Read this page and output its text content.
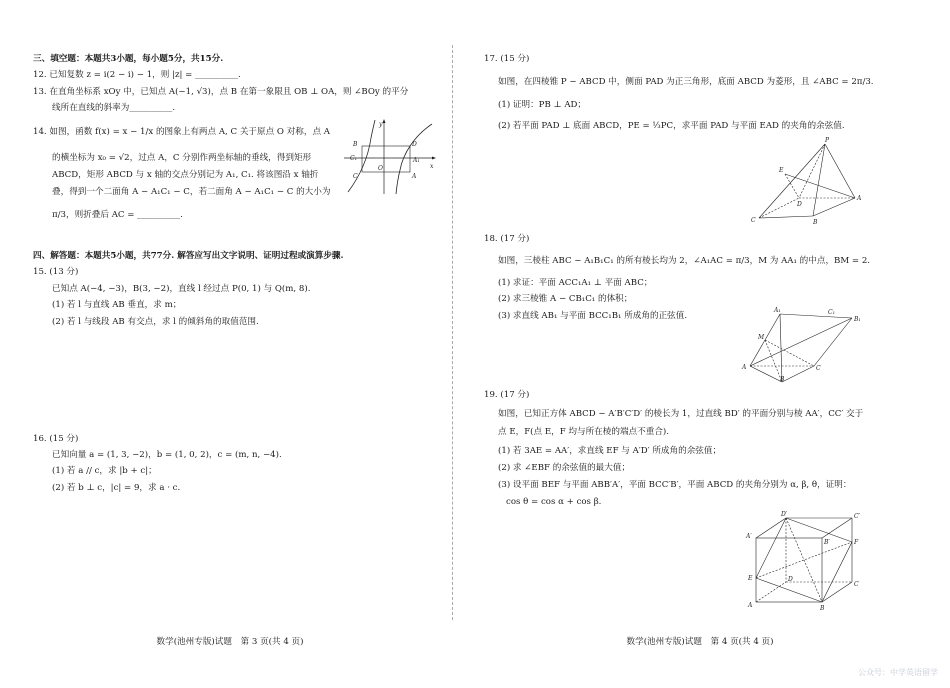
三、填空题：本题共3小题，每小题5分，共15分.
12. 已知复数 z = i(2 − i) − 1，则 |z| = __________.
13. 在直角坐标系 xOy 中，已知点 A(−1, √3)，点 B 在第一象限且 OB ⊥ OA，则 ∠BOy 的平分
线所在直线的斜率为__________.
14. 如图，函数 f(x) = x − 1/x 的图象上有两点 A, C 关于原点 O 对称，点 A
的横坐标为 x₀ = √2，过点 A，C 分别作两坐标轴的垂线，得到矩形
ABCD，矩形 ABCD 与 x 轴的交点分别记为 A₁, C₁. 将该图沿 x 轴折
叠，得到一个二面角 A − A₁C₁ − C，若二面角 A − A₁C₁ − C 的大小为
π/3，则折叠后 AC = __________.
y
B	D
C₁
O
A₁
x
C	A
四、解答题：本题共5小题，共77分. 解答应写出文字说明、证明过程或演算步骤.
15. (13 分)
已知点 A(−4, −3)，B(3, −2)，直线 l 经过点 P(0, 1) 与 Q(m, 8).
(1) 若 l 与直线 AB 垂直，求 m；
(2) 若 l 与线段 AB 有交点，求 l 的倾斜角的取值范围.
16. (15 分)
已知向量 a = (1, 3, −2)，b = (1, 0, 2)，c = (m, n, −4).
(1) 若 a // c，求 |b + c|；
(2) 若 b ⊥ c，|c| = 9，求 a · c.
数学(池州专版)试题　第 3 页(共 4 页)
17. (15 分)
如图，在四棱锥 P − ABCD 中，侧面 PAD 为正三角形，底面 ABCD 为菱形，且 ∠ABC = 2π/3.
(1) 证明：PB ⊥ AD；
(2) 若平面 PAD ⊥ 底面 ABCD，PE = ⅓PC，求平面 PAD 与平面 EAD 的夹角的余弦值.
P
E
D
A
C	B
18. (17 分)
如图，三棱柱 ABC − A₁B₁C₁ 的所有棱长均为 2，∠A₁AC = π/3，M 为 AA₁ 的中点，BM = 2.
(1) 求证：平面 ACC₁A₁ ⊥ 平面 ABC；
(2) 求三棱锥 A − CB₁C₁ 的体积；
(3) 求直线 AB₁ 与平面 BCC₁B₁ 所成角的正弦值.
A₁
B₁
C₁
M
A
B
C
19. (17 分)
如图，已知正方体 ABCD − A′B′C′D′ 的棱长为 1，过直线 BD′ 的平面分别与棱 AA′，CC′ 交于
点 E，F(点 E，F 均与所在棱的端点不重合).
(1) 若 3AE = AA′，求直线 EF 与 A′D′ 所成角的余弦值；
(2) 求 ∠EBF 的余弦值的最大值；
(3) 设平面 BEF 与平面 ABB′A′，平面 BCC′B′，平面 ABCD 的夹角分别为 α, β, θ，证明：
cos θ = cos α + cos β.
D′	C′
A′
B′	F
E	D
C
A	B
数学(池州专版)试题　第 4 页(共 4 页)
公众号：中学英语留学
